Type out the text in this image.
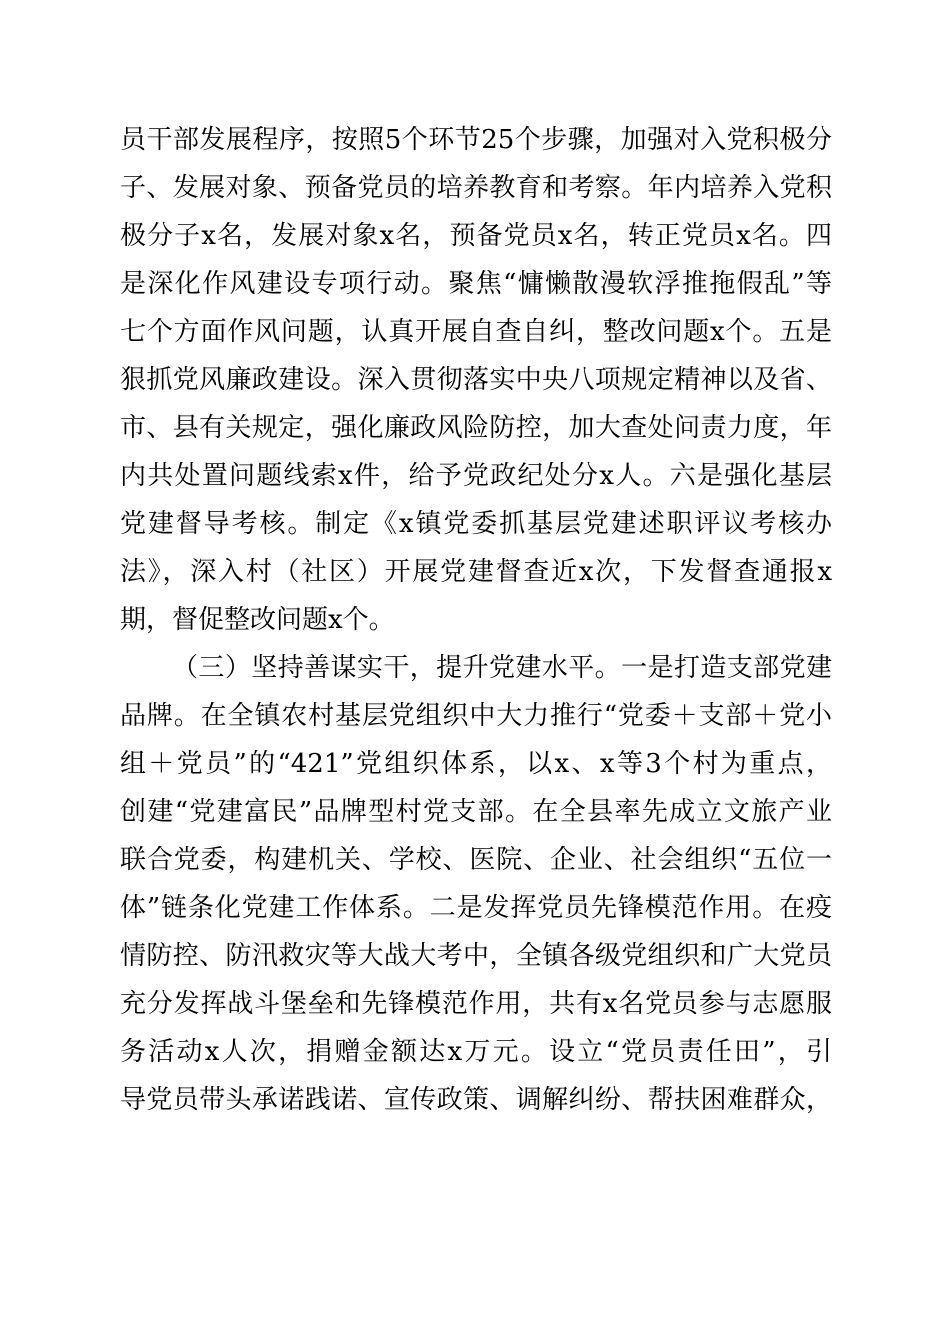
员干部发展程序，按照5个环节25个步骤，加强对入党积极分
子、发展对象、预备党员的培养教育和考察。年内培养入党积
极分子x名，发展对象x名，预备党员x名，转正党员x名。四
是深化作风建设专项行动。聚焦“慵懒散漫软浮推拖假乱”等
七个方面作风问题，认真开展自查自纠，整改问题x个。五是
狠抓党风廉政建设。深入贯彻落实中央八项规定精神以及省、
市、县有关规定，强化廉政风险防控，加大查处问责力度，年
内共处置问题线索x件，给予党政纪处分x人。六是强化基层
党建督导考核。制定《x镇党委抓基层党建述职评议考核办
法》，深入村（社区）开展党建督查近x次，下发督查通报x
期，督促整改问题x个。
（三）坚持善谋实干，提升党建水平。一是打造支部党建
品牌。在全镇农村基层党组织中大力推行“党委＋支部＋党小
组＋党员”的“421”党组织体系，以x、x等3个村为重点，
创建“党建富民”品牌型村党支部。在全县率先成立文旅产业
联合党委，构建机关、学校、医院、企业、社会组织“五位一
体”链条化党建工作体系。二是发挥党员先锋模范作用。在疫
情防控、防汛救灾等大战大考中，全镇各级党组织和广大党员
充分发挥战斗堡垒和先锋模范作用，共有x名党员参与志愿服
务活动x人次，捐赠金额达x万元。设立“党员责任田”，引
导党员带头承诺践诺、宣传政策、调解纠纷、帮扶困难群众，
